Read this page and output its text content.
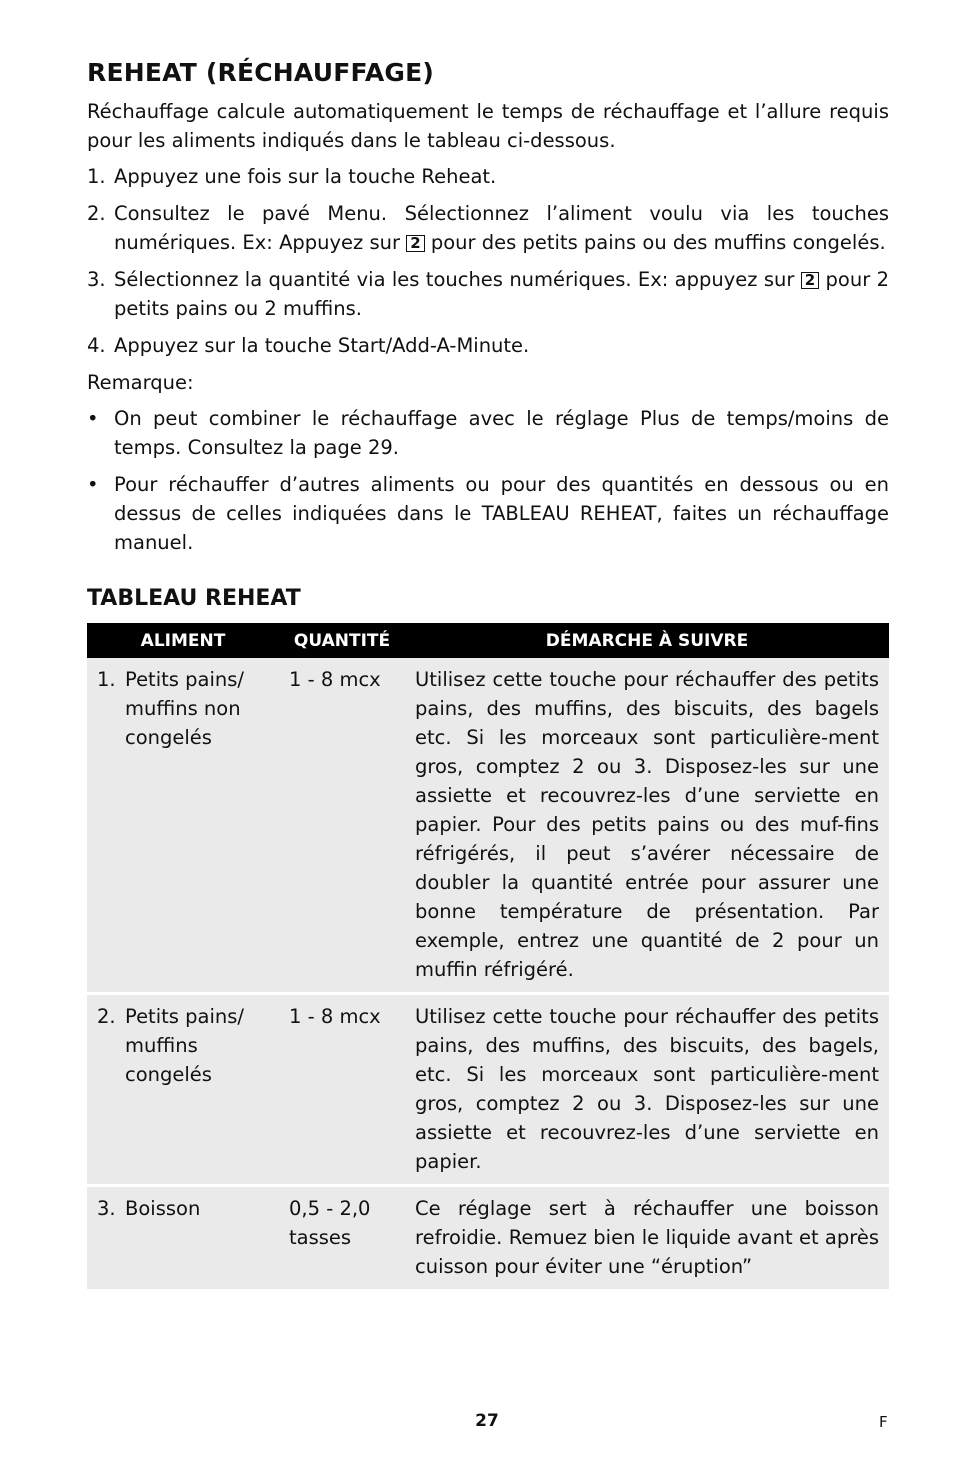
REHEAT (RÉCHAUFFAGE)

Réchauffage calcule automatiquement le temps de réchauffage et l’allure requis pour les aliments indiqués dans le tableau ci-dessous.

1. Appuyez une fois sur la touche Reheat.
2. Consultez le pavé Menu. Sélectionnez l’aliment voulu via les touches numériques. Ex: Appuyez sur 2 pour des petits pains ou des muffins congelés.
3. Sélectionnez la quantité via les touches numériques. Ex: appuyez sur 2 pour 2 petits pains ou 2 muffins.
4. Appuyez sur la touche Start/Add-A-Minute.

Remarque:

• On peut combiner le réchauffage avec le réglage Plus de temps/moins de temps. Consultez la page 29.
• Pour réchauffer d’autres aliments ou pour des quantités en dessous ou en dessus de celles indiquées dans le TABLEAU REHEAT, faites un réchauffage manuel.
TABLEAU REHEAT
ALIMENT	QUANTITÉ	DÉMARCHE À SUIVRE

1. Petits pains/ muffins non congelés	1 - 8 mcx	Utilisez cette touche pour réchauffer des petits pains, des muffins, des biscuits, des bagels etc. Si les morceaux sont particulière-ment gros, comptez 2 ou 3. Disposez-les sur une assiette et recouvrez-les d’une serviette en papier. Pour des petits pains ou des muf-fins réfrigérés, il peut s’avérer nécessaire de doubler la quantité entrée pour assurer une bonne température de présentation. Par exemple, entrez une quantité de 2 pour un muffin réfrigéré.

2. Petits pains/ muffins congelés	1 - 8 mcx	Utilisez cette touche pour réchauffer des petits pains, des muffins, des biscuits, des bagels, etc. Si les morceaux sont particulière-ment gros, comptez 2 ou 3. Disposez-les sur une assiette et recouvrez-les d’une serviette en papier.

3. Boisson	0,5 - 2,0 tasses	Ce réglage sert à réchauffer une boisson refroidie. Remuez bien le liquide avant et après cuisson pour éviter une “éruption”
27	F
